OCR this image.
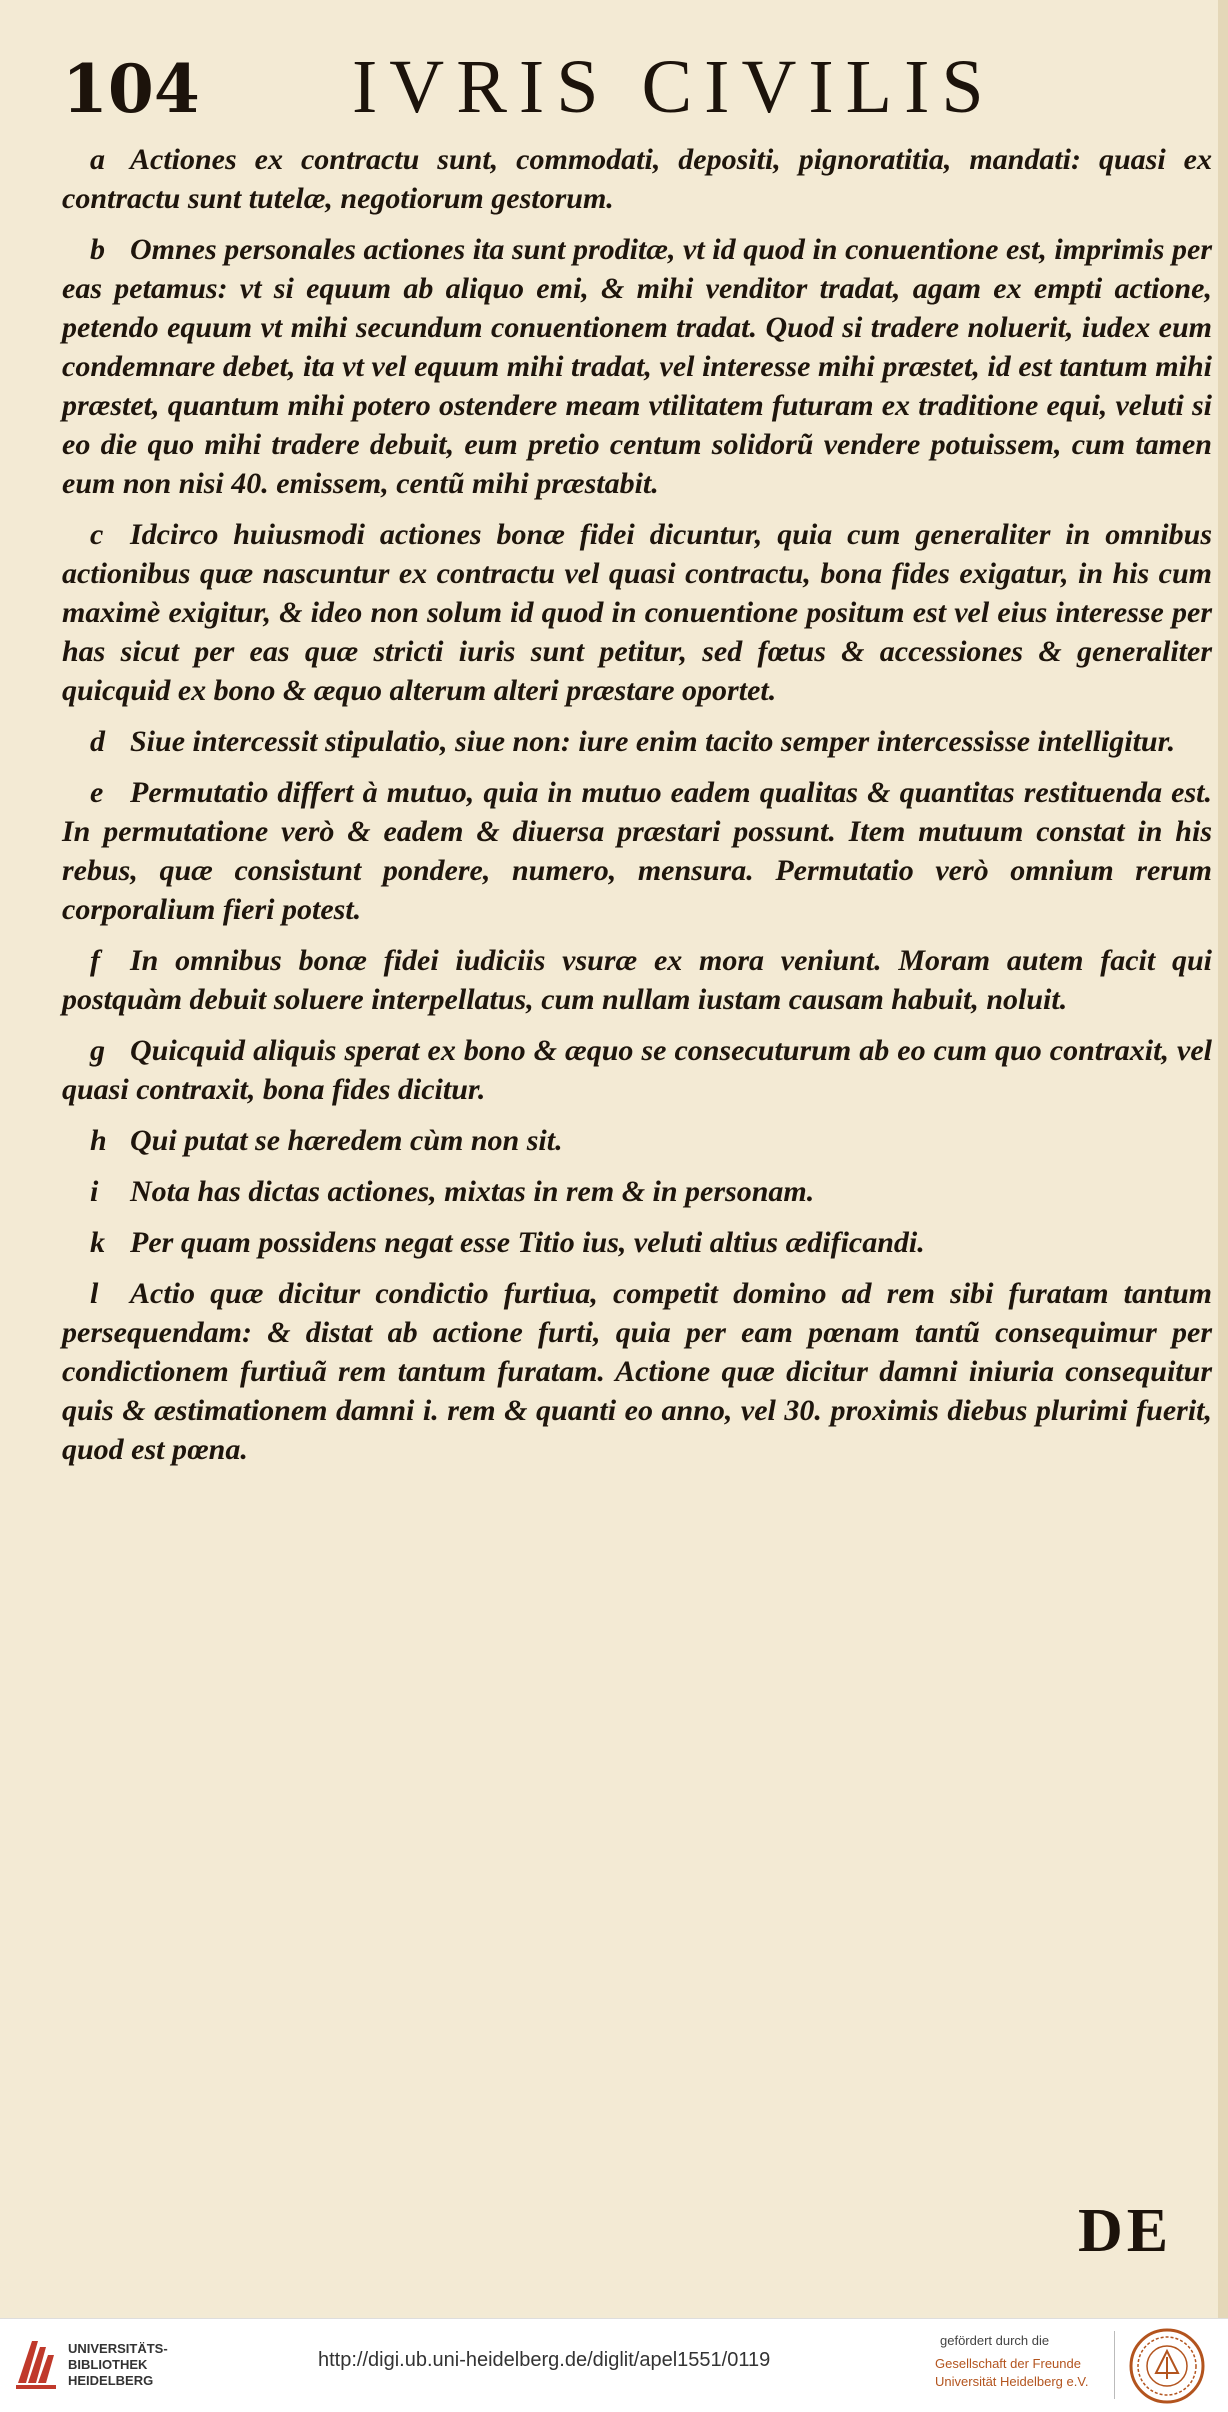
104 IVRIS CIVILIS

a Actiones ex contractu sunt, commodati, depositi, pignoratitia, mandati: quasi ex contractu sunt tutelæ, negotiorum gestorum.

b Omnes personales actiones ita sunt proditæ, vt id quod in conuentione est, imprimis per eas petamus: vt si equum ab aliquo emi, & mihi venditor tradat, agam ex empti actione, petendo equum vt mihi secundum conuentionem tradat. Quod si tradere noluerit, iudex eum condemnare debet, ita vt vel equum mihi tradat, vel interesse mihi præstet, id est tantum mihi præstet, quantum mihi potero ostendere meam vtilitatem futuram ex traditione equi, veluti si eo die quo mihi tradere debuit, eum pretio centum solidorũ vendere potuissem, cum tamen eum non nisi 40. emissem, centũ mihi præstabit.

c Idcirco huiusmodi actiones bonæ fidei dicuntur, quia cum generaliter in omnibus actionibus quæ nascuntur ex contractu vel quasi contractu, bona fides exigatur, in his cum maximè exigitur, & ideo non solum id quod in conuentione positum est vel eius interesse per has sicut per eas quæ stricti iuris sunt petitur, sed fœtus & accessiones & generaliter quicquid ex bono & æquo alterum alteri præstare oportet.

d Siue intercessit stipulatio, siue non: iure enim tacito semper intercessisse intelligitur.

e Permutatio differt à mutuo, quia in mutuo eadem qualitas & quantitas restituenda est. In permutatione verò & eadem & diuersa præstari possunt. Item mutuum constat in his rebus, quæ consistunt pondere, numero, mensura. Permutatio verò omnium rerum corporalium fieri potest.

f In omnibus bonæ fidei iudiciis vsuræ ex mora veniunt. Moram autem facit qui postquàm debuit soluere interpellatus, cum nullam iustam causam habuit, noluit.

g Quicquid aliquis sperat ex bono & æquo se consecuturum ab eo cum quo contraxit, vel quasi contraxit, bona fides dicitur.

h Qui putat se hæredem cùm non sit.

i Nota has dictas actiones, mixtas in rem & in personam.

k Per quam possidens negat esse Titio ius, veluti altius ædificandi.

l Actio quæ dicitur condictio furtiua, competit domino ad rem sibi furatam tantum persequendam: & distat ab actione furti, quia per eam pœnam tantũ consequimur per condictionem furtiuã rem tantum furatam. Actione quæ dicitur damni iniuria consequitur quis & æstimationem damni i. rem & quanti eo anno, vel 30. proximis diebus plurimi fuerit, quod est pœna.

DE
UNIVERSITÄTS-
BIBLIOTHEK
HEIDELBERG
http://digi.ub.uni-heidelberg.de/diglit/apel1551/0119
gefördert durch die
Gesellschaft der Freunde
Universität Heidelberg e.V.
